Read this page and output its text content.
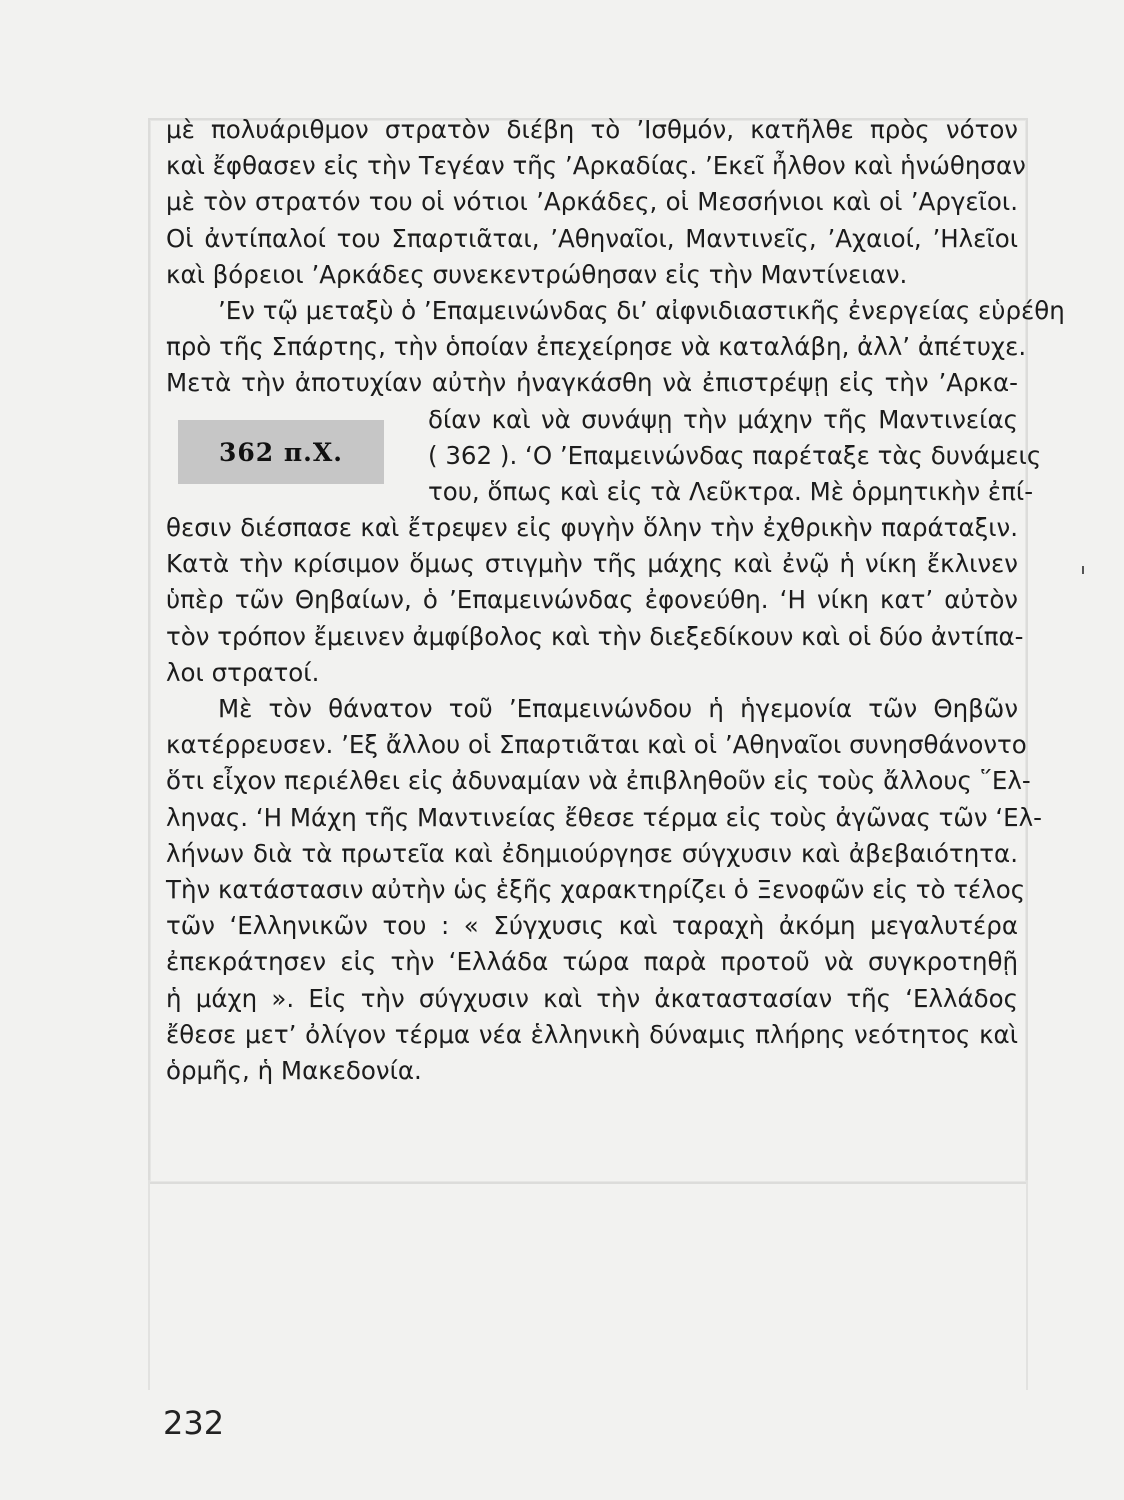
362 π.Χ.
μὲ πολυάριθμον στρατὸν διέβη τὸ ’Ισθμόν, κατῆλθε πρὸς νότον
καὶ ἔφθασεν εἰς τὴν Τεγέαν τῆς ’Αρκαδίας. ’Εκεῖ ἦλθον καὶ ἡνώθησαν
μὲ τὸν στρατόν του οἱ νότιοι ’Αρκάδες, οἱ Μεσσήνιοι καὶ οἱ ’Αργεῖοι.
Οἱ ἀντίπαλοί του Σπαρτιᾶται, ’Αθηναῖοι, Μαντινεῖς, ’Αχαιοί, ’Ηλεῖοι
καὶ βόρειοι ’Αρκάδες συνεκεντρώθησαν εἰς τὴν Μαντίνειαν.
’Εν τῷ μεταξὺ ὁ ’Επαμεινώνδας δι’ αἰφνιδιαστικῆς ἐνεργείας εὑρέθη
πρὸ τῆς Σπάρτης, τὴν ὁποίαν ἐπεχείρησε νὰ καταλάβη, ἀλλ’ ἀπέτυχε.
Μετὰ τὴν ἀποτυχίαν αὐτὴν ἠναγκάσθη νὰ ἐπιστρέψῃ εἰς τὴν ’Αρκα-
δίαν καὶ νὰ συνάψῃ τὴν μάχην τῆς Μαντινείας
( 362 ). ‘Ο ’Επαμεινώνδας παρέταξε τὰς δυνάμεις
του, ὅπως καὶ εἰς τὰ Λεῦκτρα. Μὲ ὁρμητικὴν ἐπί-
θεσιν διέσπασε καὶ ἔτρεψεν εἰς φυγὴν ὅλην τὴν ἐχθρικὴν παράταξιν.
Κατὰ τὴν κρίσιμον ὅμως στιγμὴν τῆς μάχης καὶ ἐνῷ ἡ νίκη ἔκλινεν
ὑπὲρ τῶν Θηβαίων, ὁ ’Επαμεινώνδας ἐφονεύθη. ‘Η νίκη κατ’ αὐτὸν
τὸν τρόπον ἔμεινεν ἀμφίβολος καὶ τὴν διεξεδίκουν καὶ οἱ δύο ἀντίπα-
λοι στρατοί.
Μὲ τὸν θάνατον τοῦ ’Επαμεινώνδου ἡ ἡγεμονία τῶν Θηβῶν
κατέρρευσεν. ’Εξ ἄλλου οἱ Σπαρτιᾶται καὶ οἱ ’Αθηναῖοι συνησθάνοντο
ὅτι εἶχον περιέλθει εἰς ἀδυναμίαν νὰ ἐπιβληθοῦν εἰς τοὺς ἄλλους ῞Ελ-
ληνας. ‘Η Μάχη τῆς Μαντινείας ἔθεσε τέρμα εἰς τοὺς ἀγῶνας τῶν ‘Ελ-
λήνων διὰ τὰ πρωτεῖα καὶ ἐδημιούργησε σύγχυσιν καὶ ἀβεβαιότητα.
Τὴν κατάστασιν αὐτὴν ὡς ἑξῆς χαρακτηρίζει ὁ Ξενοφῶν εἰς τὸ τέλος
τῶν ‘Ελληνικῶν του : « Σύγχυσις καὶ ταραχὴ ἀκόμη μεγαλυτέρα
ἐπεκράτησεν εἰς τὴν ‘Ελλάδα τώρα παρὰ προτοῦ νὰ συγκροτηθῇ
ἡ μάχη ». Εἰς τὴν σύγχυσιν καὶ τὴν ἀκαταστασίαν τῆς ‘Ελλάδος
ἔθεσε μετ’ ὀλίγον τέρμα νέα ἑλληνικὴ δύναμις πλήρης νεότητος καὶ
ὁρμῆς, ἡ Μακεδονία.
232
